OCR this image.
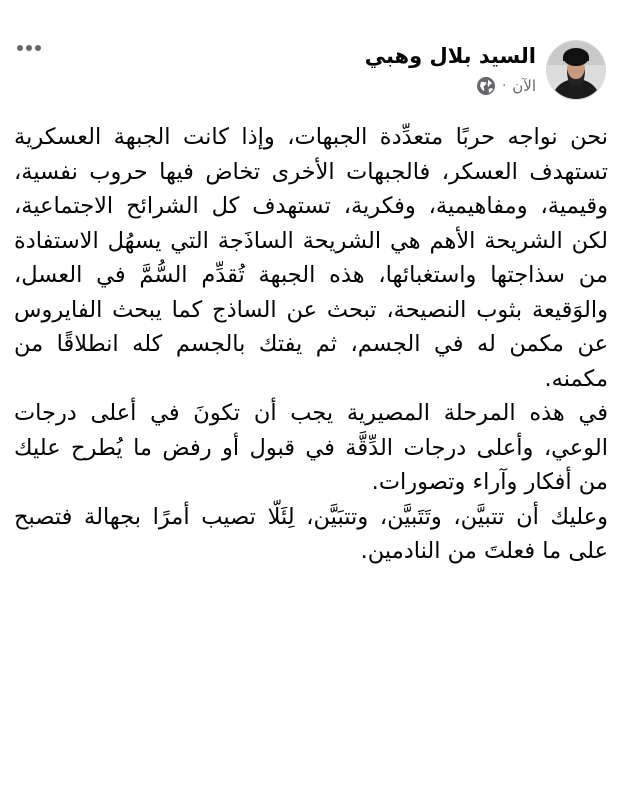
السيد بلال وهبي
الآن
·

نحن نواجه حربًا متعدِّدة الجبهات، وإذا كانت الجبهة العسكرية تستهدف العسكر، فالجبهات الأخرى تخاض فيها حروب نفسية، وقيمية، ومفاهيمية، وفكرية، تستهدف كل الشرائح الاجتماعية، لكن الشريحة الأهم هي الشريحة الساذَجة التي يسهُل الاستفادة من سذاجتها واستغبائها، هذه الجبهة تُقدِّم السُّمَّ في العسل، والوَقيعة بثوب النصيحة، تبحث عن الساذج كما يبحث الفايروس عن مكمن له في الجسم، ثم يفتك بالجسم كله انطلاقًا من مكمنه.

في هذه المرحلة المصيرية يجب أن تكونَ في أعلى درجات الوعي، وأعلى درجات الدِّقَّة في قبول أو رفض ما يُطرح عليك من أفكار وآراء وتصورات.

وعليك أن تتبيَّن، وتَتَبيَّن، وتتبَيَّن، لِئَلّا تصيب أمرًا بجهالة فتصبح على ما فعلتَ من النادمين.
